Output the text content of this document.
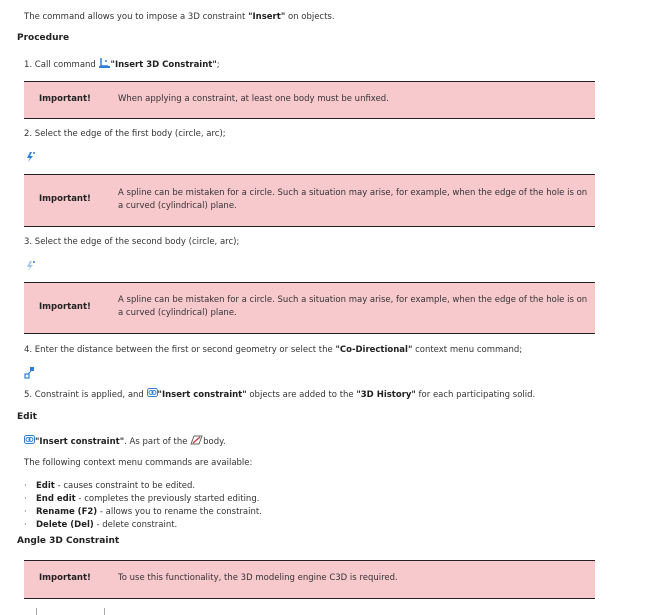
The command allows you to impose a 3D constraint "Insert" on objects.
Procedure
1. Call command "Insert 3D Constraint";
Important!	When applying a constraint, at least one body must be unfixed.
2. Select the edge of the first body (circle, arc);
Important!
A spline can be mistaken for a circle. Such a situation may arise, for example, when the edge of the hole is on a curved (cylindrical) plane.
3. Select the edge of the second body (circle, arc);
Important!
A spline can be mistaken for a circle. Such a situation may arise, for example, when the edge of the hole is on a curved (cylindrical) plane.
4. Enter the distance between the first or second geometry or select the "Co-Directional" context menu command;
5. Constraint is applied, and "Insert constraint" objects are added to the "3D History" for each participating solid.
Edit
"Insert constraint". As part of the body.
The following context menu commands are available:
· Edit - causes constraint to be edited.
· End edit - completes the previously started editing.
· Rename (F2) - allows you to rename the constraint.
· Delete (Del) - delete constraint.
Angle 3D Constraint
Important!	To use this functionality, the 3D modeling engine C3D is required.
